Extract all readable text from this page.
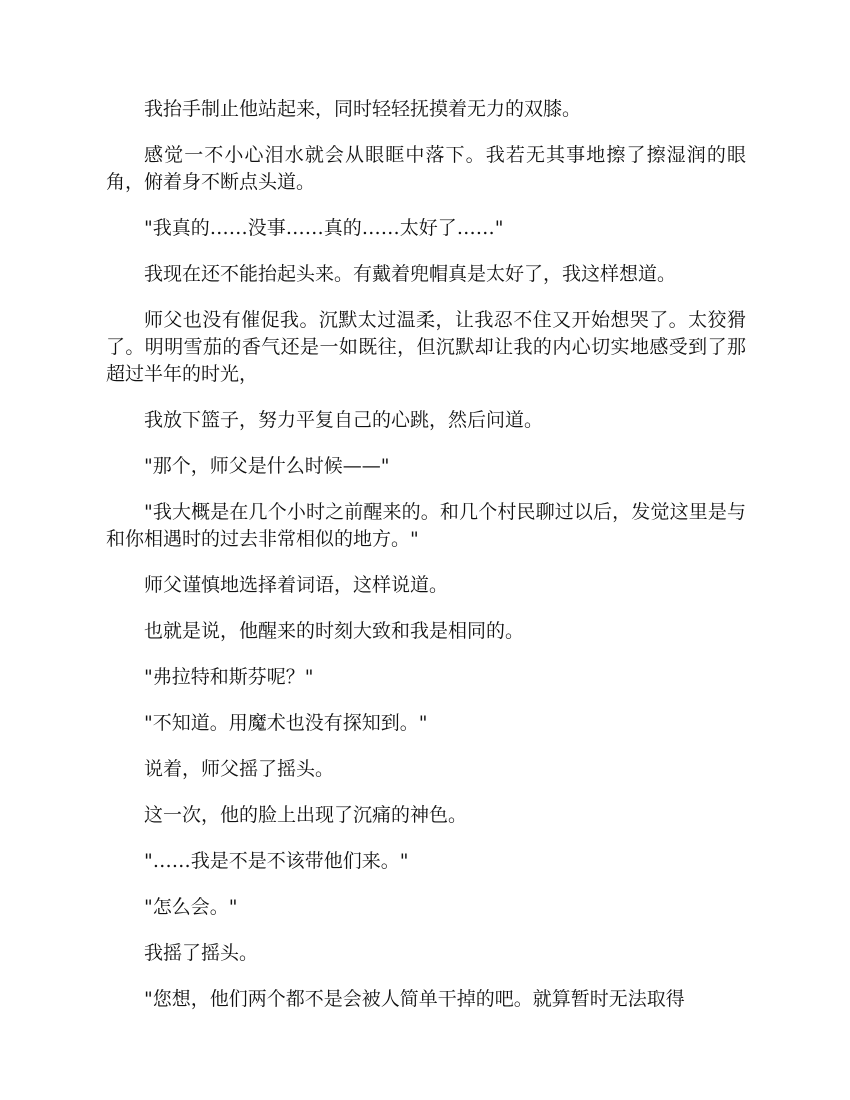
我抬手制止他站起来，同时轻轻抚摸着无力的双膝。

感觉一不小心泪水就会从眼眶中落下。我若无其事地擦了擦湿润的眼角，俯着身不断点头道。

"我真的……没事……真的……太好了……"

我现在还不能抬起头来。有戴着兜帽真是太好了，我这样想道。

师父也没有催促我。沉默太过温柔，让我忍不住又开始想哭了。太狡猾了。明明雪茄的香气还是一如既往，但沉默却让我的内心切实地感受到了那超过半年的时光，

我放下篮子，努力平复自己的心跳，然后问道。

"那个，师父是什么时候——"

"我大概是在几个小时之前醒来的。和几个村民聊过以后，发觉这里是与和你相遇时的过去非常相似的地方。"

师父谨慎地选择着词语，这样说道。

也就是说，他醒来的时刻大致和我是相同的。

"弗拉特和斯芬呢？"

"不知道。用魔术也没有探知到。"

说着，师父摇了摇头。

这一次，他的脸上出现了沉痛的神色。

"……我是不是不该带他们来。"

"怎么会。"

我摇了摇头。

"您想，他们两个都不是会被人简单干掉的吧。就算暂时无法取得
